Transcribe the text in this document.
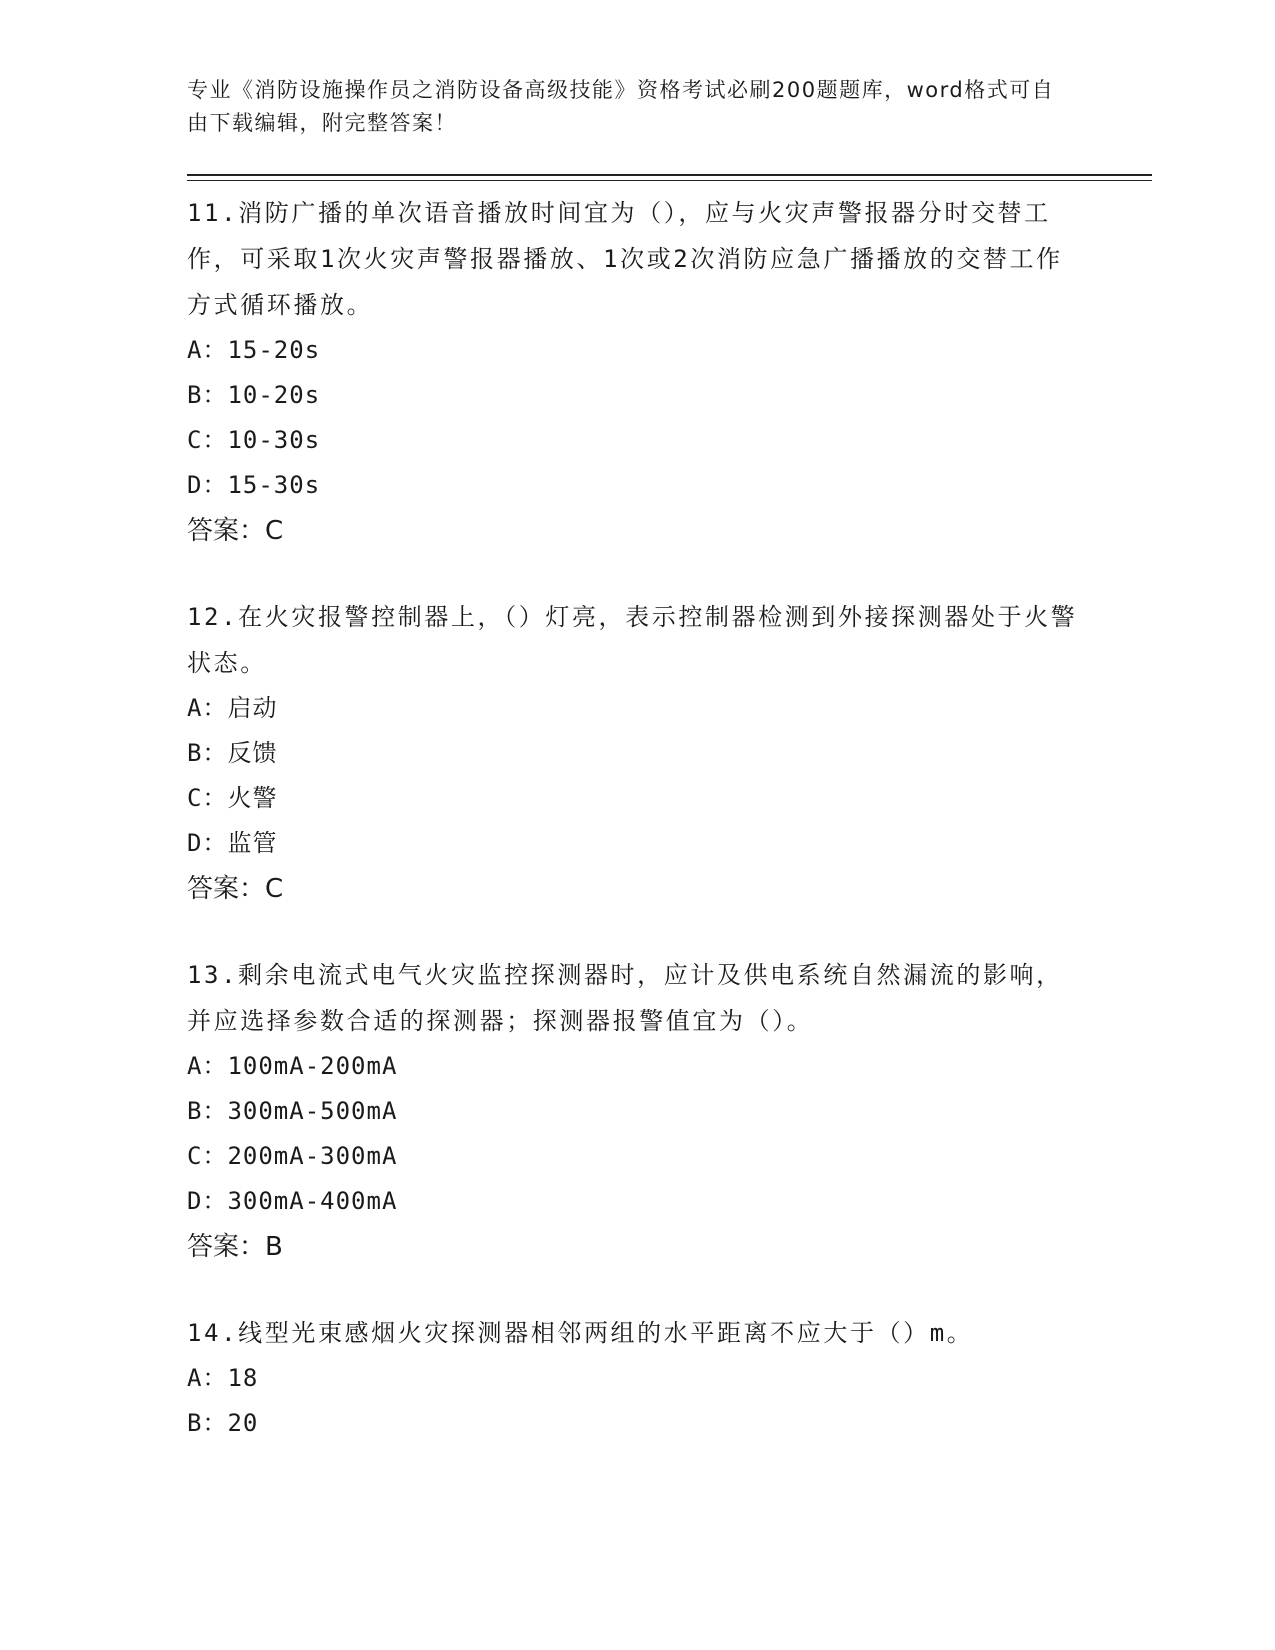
专业《消防设施操作员之消防设备高级技能》资格考试必刷200题题库，word格式可自由下载编辑，附完整答案！

11.消防广播的单次语音播放时间宜为（），应与火灾声警报器分时交替工作，可采取1次火灾声警报器播放、1次或2次消防应急广播播放的交替工作方式循环播放。

A：15-20s

B：10-20s

C：10-30s

D：15-30s

答案：C

12.在火灾报警控制器上，（）灯亮，表示控制器检测到外接探测器处于火警状态。

A：启动

B：反馈

C：火警

D：监管

答案：C

13.剩余电流式电气火灾监控探测器时，应计及供电系统自然漏流的影响，并应选择参数合适的探测器；探测器报警值宜为（）。

A：100mA-200mA

B：300mA-500mA

C：200mA-300mA

D：300mA-400mA

答案：B

14.线型光束感烟火灾探测器相邻两组的水平距离不应大于（）m。

A：18

B：20
